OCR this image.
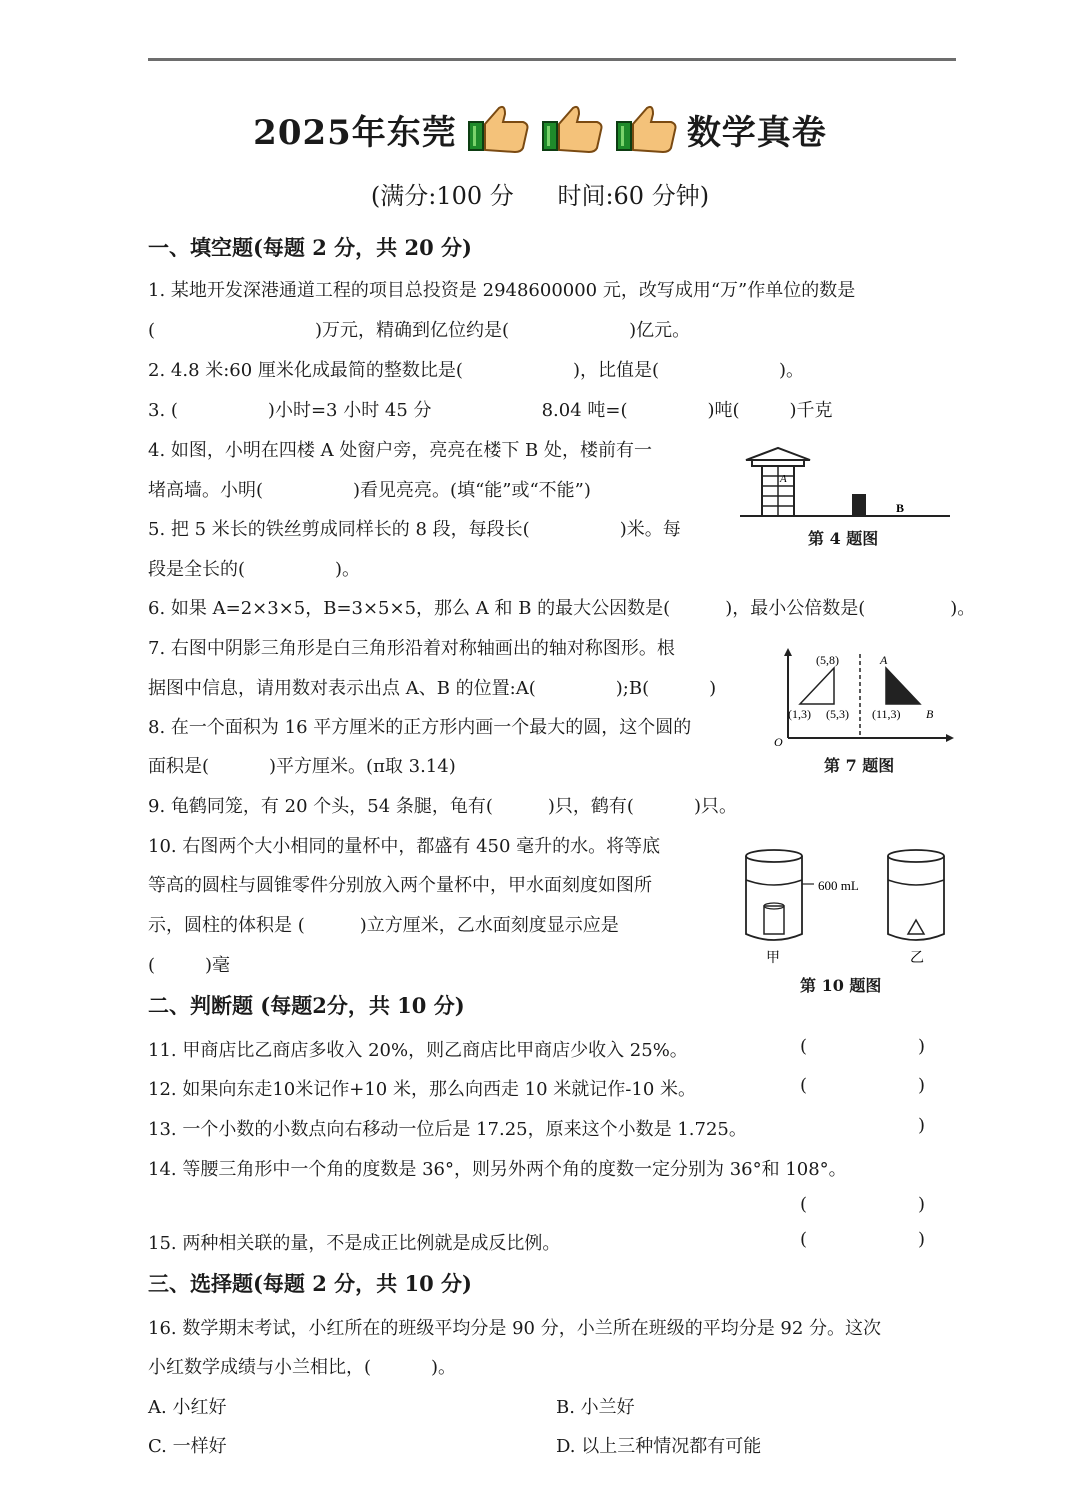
2025年东莞	数学真卷
(满分:100 分 时间:60 分钟)
一、填空题(每题 2 分，共 20 分)
1. 某地开发深港通道工程的项目总投资是 2948600000 元，改写成用“万”作单位的数是
(	)万元，精确到亿位约是(	)亿元。
2. 4.8 米:60 厘米化成最简的整数比是(	)，比值是(	)。
3. (	)小时=3 小时 45 分	8.04 吨=(	)吨(	)千克
4. 如图，小明在四楼 A 处窗户旁，亮亮在楼下 B 处，楼前有一
堵高墙。小明(	)看见亮亮。(填“能”或“不能”)
5. 把 5 米长的铁丝剪成同样长的 8 段，每段长(	)米。每
段是全长的(	)。
6. 如果 A=2×3×5，B=3×5×5，那么 A 和 B 的最大公因数是(	)，最小公倍数是(	)。
7. 右图中阴影三角形是白三角形沿着对称轴画出的轴对称图形。根
据图中信息，请用数对表示出点 A、B 的位置:A(	);B(	)
8. 在一个面积为 16 平方厘米的正方形内画一个最大的圆，这个圆的
面积是(	)平方厘米。(π取 3.14)
9. 龟鹤同笼，有 20 个头，54 条腿，龟有(	)只，鹤有(	)只。
10. 右图两个大小相同的量杯中，都盛有 450 毫升的水。将等底
等高的圆柱与圆锥零件分别放入两个量杯中，甲水面刻度如图所
示，圆柱的体积是 (	)立方厘米，乙水面刻度显示应是
(	)毫
A
B
第 4 题图
(5,8)	A
(1,3) (5,3) (11,3) B
O
第 7 题图
600 mL
甲	乙
第 10 题图
二、判断题 (每题2分，共 10 分)
11. 甲商店比乙商店多收入 20%，则乙商店比甲商店少收入 25%。	(	)
12. 如果向东走10米记作+10 米，那么向西走 10 米就记作-10 米。	(	)
13. 一个小数的小数点向右移动一位后是 17.25，原来这个小数是 1.725。	)
14. 等腰三角形中一个角的度数是 36°，则另外两个角的度数一定分别为 36°和 108°。
(	)
15. 两种相关联的量，不是成正比例就是成反比例。	(	)
三、选择题(每题 2 分，共 10 分)
16. 数学期末考试，小红所在的班级平均分是 90 分，小兰所在班级的平均分是 92 分。这次
小红数学成绩与小兰相比，(	)。
A. 小红好	B. 小兰好
C. 一样好	D. 以上三种情况都有可能
